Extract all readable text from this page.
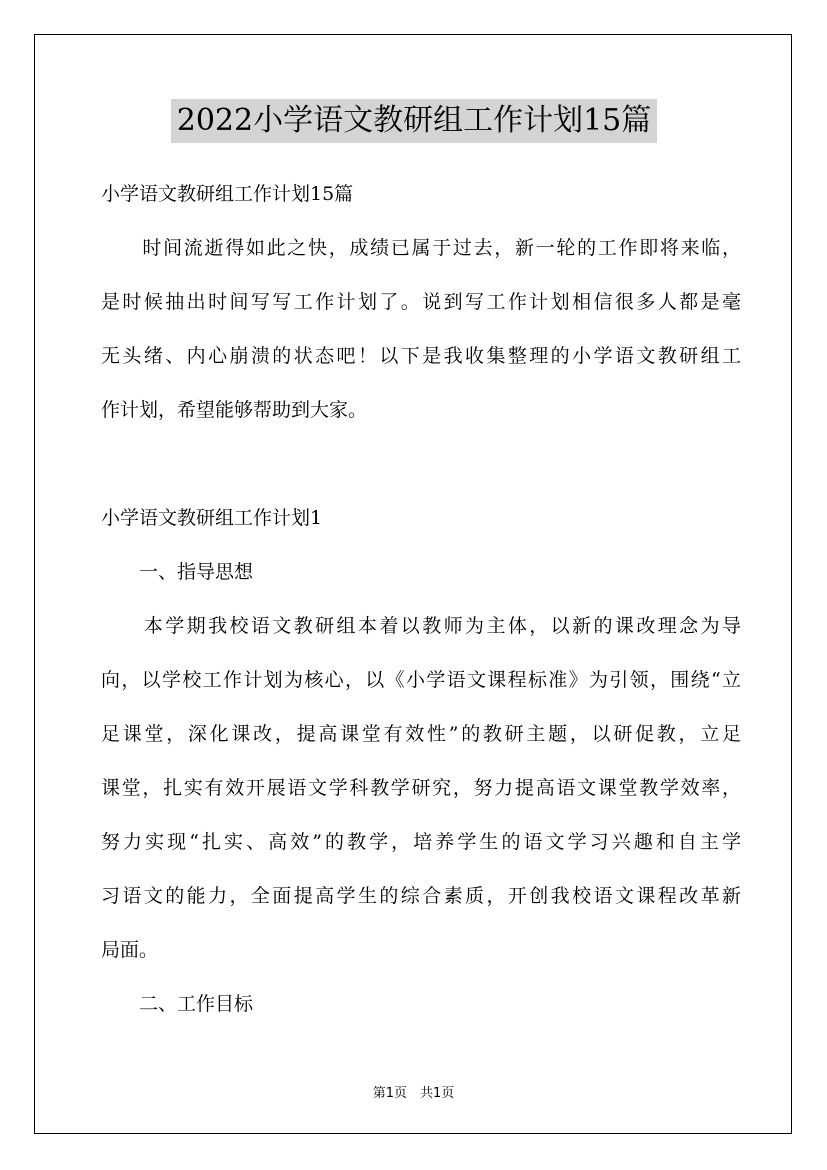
2022小学语文教研组工作计划15篇
小学语文教研组工作计划15篇
　　时间流逝得如此之快，成绩已属于过去，新一轮的工作即将来临，
是时候抽出时间写写工作计划了。说到写工作计划相信很多人都是毫
无头绪、内心崩溃的状态吧！以下是我收集整理的小学语文教研组工
作计划，希望能够帮助到大家。
小学语文教研组工作计划1
　　一、指导思想
　　本学期我校语文教研组本着以教师为主体，以新的课改理念为导
向，以学校工作计划为核心，以《小学语文课程标准》为引领，围绕“立
足课堂，深化课改，提高课堂有效性”的教研主题，以研促教，立足
课堂，扎实有效开展语文学科教学研究，努力提高语文课堂教学效率，
努力实现“扎实、高效”的教学，培养学生的语文学习兴趣和自主学
习语文的能力，全面提高学生的综合素质，开创我校语文课程改革新
局面。
　　二、工作目标
第1页　共1页
